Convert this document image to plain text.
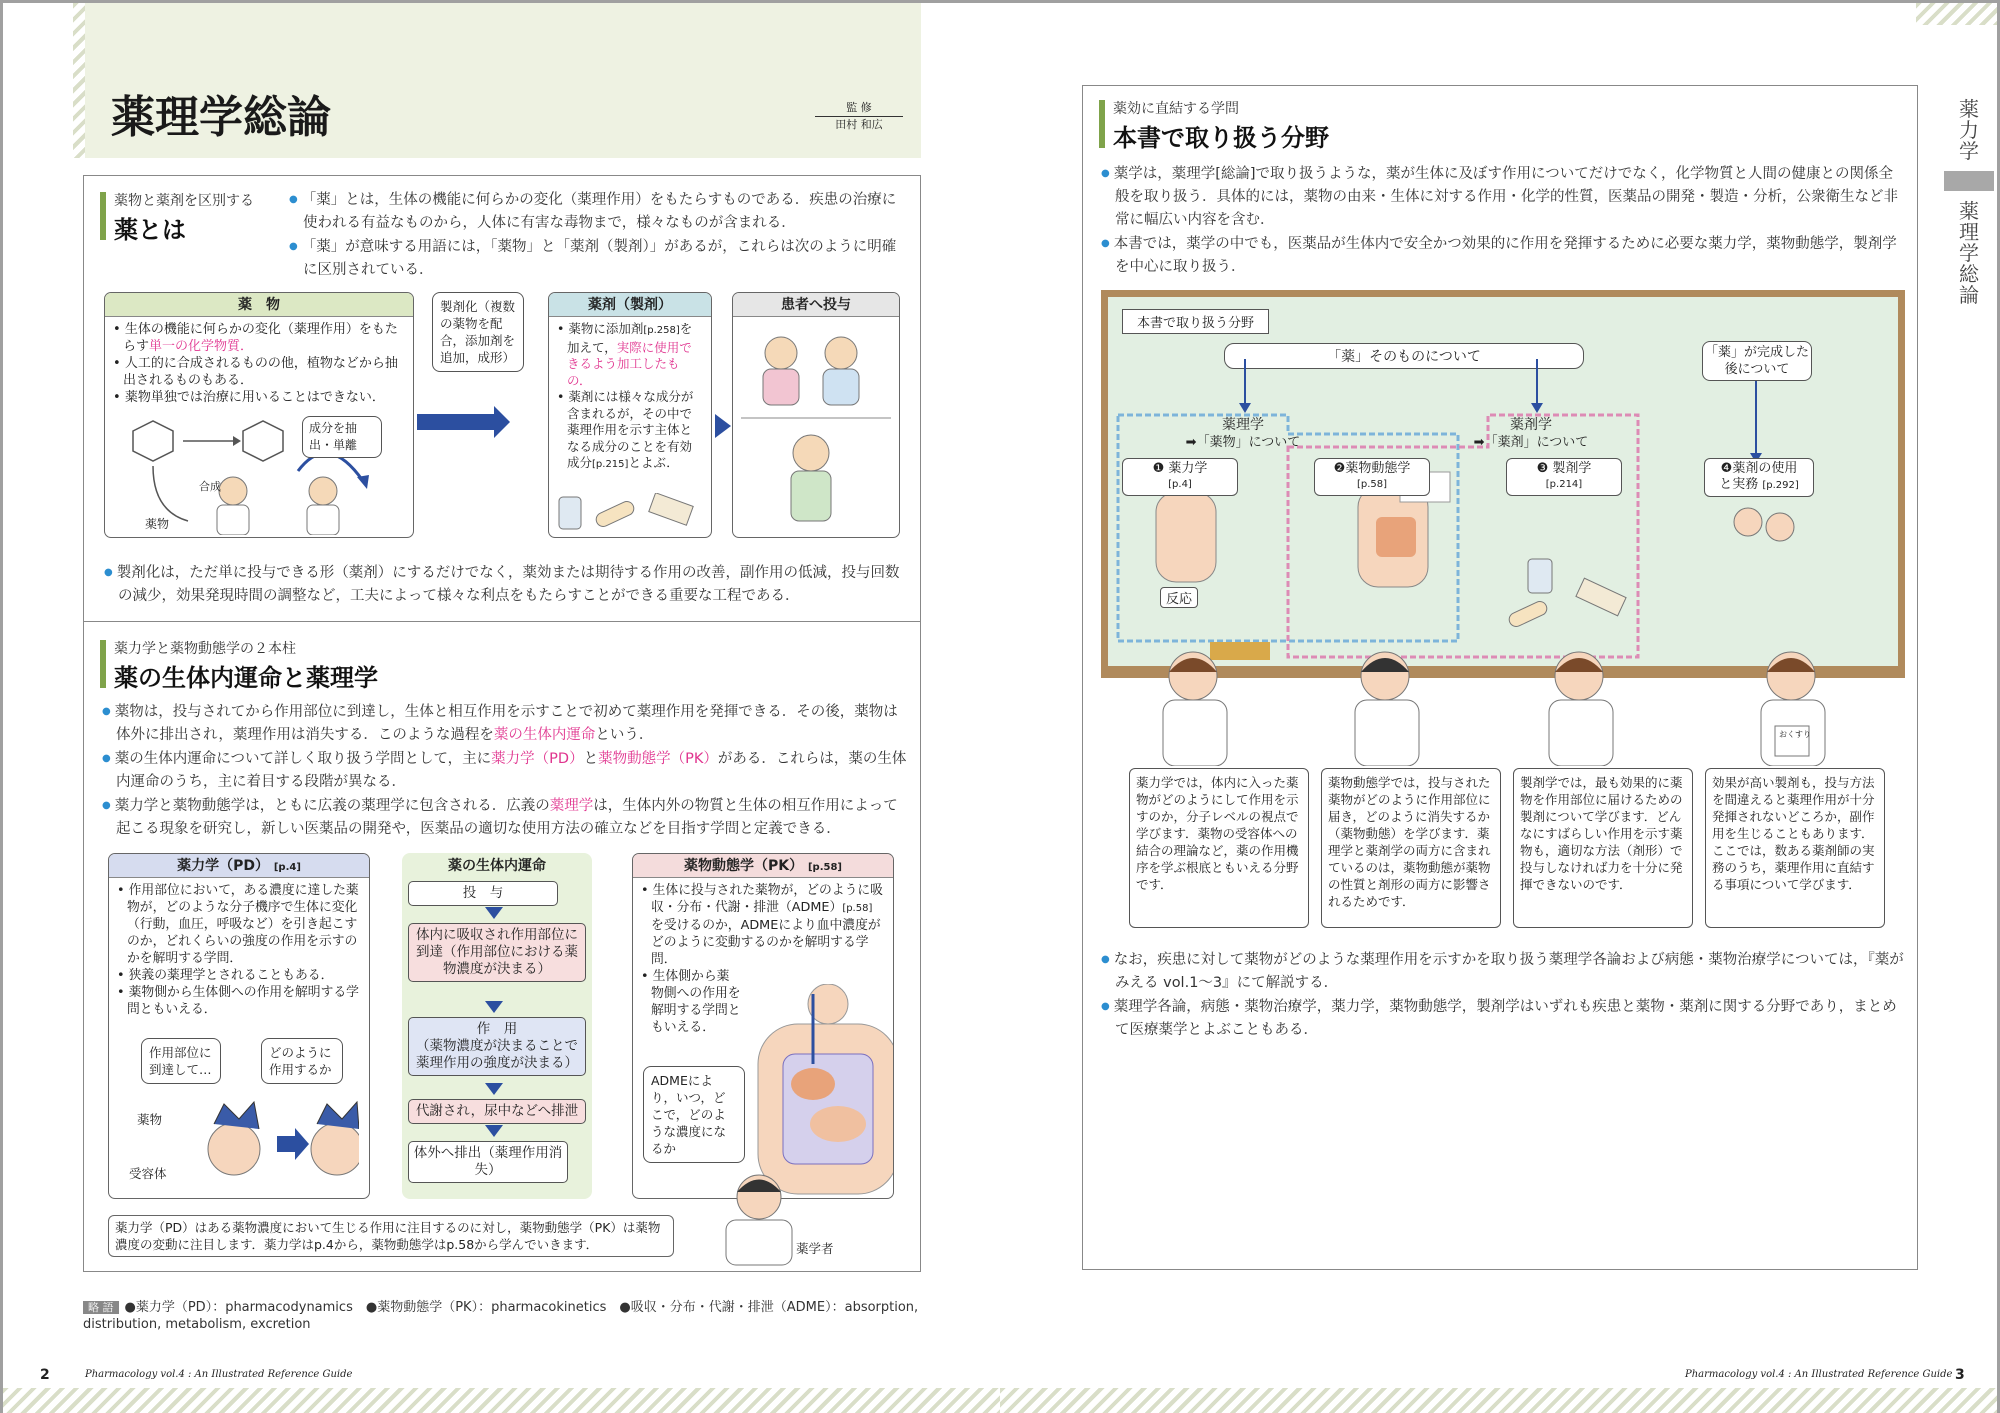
薬理学総論	監 修
田村 和広
薬物と薬剤を区別する
薬とは

● 「薬」とは，生体の機能に何らかの変化（薬理作用）をもたらすものである．疾患の治療に使われる有益なものから，人体に有害な毒物まで，様々なものが含まれる．

● 「薬」が意味する用語には，「薬物」と「薬剤（製剤）」があるが，これらは次のように明確に区別されている．

薬　物
• 生体の機能に何らかの変化（薬理作用）をもたらす単一の化学物質．
• 人工的に合成されるものの他，植物などから抽出されるものもある．
• 薬物単独では治療に用いることはできない．
合成
成分を抽出・単離
薬物
製剤化（複数の薬物を配合，添加剤を追加，成形）
薬剤（製剤）
• 薬物に添加剤[p.258]を加えて，実際に使用できるよう加工したもの．
• 薬剤には様々な成分が含まれるが，その中で薬理作用を示す主体となる成分のことを有効成分[p.215]とよぶ．
患者へ投与

● 製剤化は，ただ単に投与できる形（薬剤）にするだけでなく，薬効または期待する作用の改善，副作用の低減，投与回数の減少，効果発現時間の調整など，工夫によって様々な利点をもたらすことができる重要な工程である．

薬力学と薬物動態学の２本柱
薬の生体内運命と薬理学

● 薬物は，投与されてから作用部位に到達し，生体と相互作用を示すことで初めて薬理作用を発揮できる．その後，薬物は体外に排出され，薬理作用は消失する．このような過程を薬の生体内運命という．

● 薬の生体内運命について詳しく取り扱う学問として，主に薬力学（PD）と薬物動態学（PK）がある．これらは，薬の生体内運命のうち，主に着目する段階が異なる．

● 薬力学と薬物動態学は，ともに広義の薬理学に包含される．広義の薬理学は，生体内外の物質と生体の相互作用によって起こる現象を研究し，新しい医薬品の開発や，医薬品の適切な使用方法の確立などを目指す学問と定義できる．

薬力学（PD） [p.4]
• 作用部位において，ある濃度に達した薬物が，どのような分子機序で生体に変化（行動，血圧，呼吸など）を引き起こすのか，どれくらいの強度の作用を示すのかを解明する学問．
• 狭義の薬理学とされることもある．
• 薬物側から生体側への作用を解明する学問ともいえる．
作用部位に到達して…
どのように作用するか
薬物
受容体
薬の生体内運命
投　与
体内に吸収され作用部位に到達（作用部位における薬物濃度が決まる）
作　用
（薬物濃度が決まることで薬理作用の強度が決まる）
代謝され，尿中などへ排泄
体外へ排出（薬理作用消失）
薬物動態学（PK） [p.58]
• 生体に投与された薬物が，どのように吸収・分布・代謝・排泄（ADME）[p.58]を受けるのか，ADMEにより血中濃度がどのように変動するのかを解明する学問．
• 生体側から薬物側への作用を解明する学問ともいえる．
ADMEにより，いつ，どこで，どのような濃度になるか
薬力学（PD）はある薬物濃度において生じる作用に注目するのに対し，薬物動態学（PK）は薬物濃度の変動に注目します．薬力学はp.4から，薬物動態学はp.58から学んでいきます．	薬学者
略 語 ●薬力学（PD）：pharmacodynamics　 ●薬物動態学（PK）：pharmacokinetics　 ●吸収・分布・代謝・排泄（ADME）：absorption,
distribution, metabolism, excretion
2	Pharmacology vol.4 : An Illustrated Reference Guide
薬力学
薬理学総論
薬効に直結する学問
本書で取り扱う分野

● 薬学は，薬理学[総論]で取り扱うような，薬が生体に及ぼす作用についてだけでなく，化学物質と人間の健康との関係全般を取り扱う．具体的には，薬物の由来・生体に対する作用・化学的性質，医薬品の開発・製造・分析，公衆衛生など非常に幅広い内容を含む．

● 本書では，薬学の中でも，医薬品が生体内で安全かつ効果的に作用を発揮するために必要な薬力学，薬物動態学，製剤学を中心に取り扱う．

本書で取り扱う分野
「薬」そのものについて	「薬」が完成した後について
薬理学
➡「薬物」について
薬剤学
➡「薬剤」について
❶ 薬力学
[p.4]
❷薬物動態学
[p.58]
❸ 製剤学
[p.214]
❹薬剤の使用
と実務 [p.292]
反応
おくすり
薬力学では，体内に入った薬物がどのようにして作用を示すのか，分子レベルの視点で学びます．薬物の受容体への結合の理論など，薬の作用機序を学ぶ根底ともいえる分野です．
薬物動態学では，投与された薬物がどのように作用部位に届き，どのように消失するか（薬物動態）を学びます．薬理学と薬剤学の両方に含まれているのは，薬物動態が薬物の性質と剤形の両方に影響されるためです．
製剤学では，最も効果的に薬物を作用部位に届けるための製剤について学びます．どんなにすばらしい作用を示す薬物も，適切な方法（剤形）で投与しなければ力を十分に発揮できないのです．
効果が高い製剤も，投与方法を間違えると薬理作用が十分発揮されないどころか，副作用を生じることもあります．ここでは，数ある薬剤師の実務のうち，薬理作用に直結する事項について学びます．

● なお，疾患に対して薬物がどのような薬理作用を示すかを取り扱う薬理学各論および病態・薬物治療学については，『薬がみえる vol.1〜3』にて解説する．

● 薬理学各論，病態・薬物治療学，薬力学，薬物動態学，製剤学はいずれも疾患と薬物・薬剤に関する分野であり，まとめて医療薬学とよぶこともある．

Pharmacology vol.4 : An Illustrated Reference Guide 3
